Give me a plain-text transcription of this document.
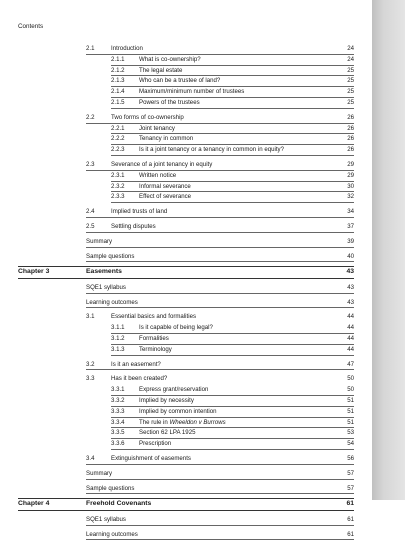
Contents
2.1	Introduction	24
2.1.1 What is co-ownership?	24
2.1.2 The legal estate	25
2.1.3 Who can be a trustee of land?	25
2.1.4 Maximum/minimum number of trustees	25
2.1.5 Powers of the trustees	25
2.2	Two forms of co-ownership	26
2.2.1 Joint tenancy	26
2.2.2 Tenancy in common	26
2.2.3 Is it a joint tenancy or a tenancy in common in equity?	26
2.3	Severance of a joint tenancy in equity	29
2.3.1 Written notice	29
2.3.2 Informal severance	30
2.3.3 Effect of severance	32
2.4	Implied trusts of land	34
2.5	Settling disputes	37
Summary	39
Sample questions	40
Chapter 3	Easements	43
SQE1 syllabus	43
Learning outcomes	43
3.1	Essential basics and formalities	44
3.1.1 Is it capable of being legal?	44
3.1.2 Formalities	44
3.1.3 Terminology	44
3.2	Is it an easement?	47
3.3	Has it been created?	50
3.3.1 Express grant/reservation	50
3.3.2 Implied by necessity	51
3.3.3 Implied by common intention	51
3.3.4 The rule in Wheeldon v Burrows	51
3.3.5 Section 62 LPA 1925	53
3.3.6 Prescription	54
3.4	Extinguishment of easements	56
Summary	57
Sample questions	57
Chapter 4	Freehold Covenants	61
SQE1 syllabus	61
Learning outcomes	61
